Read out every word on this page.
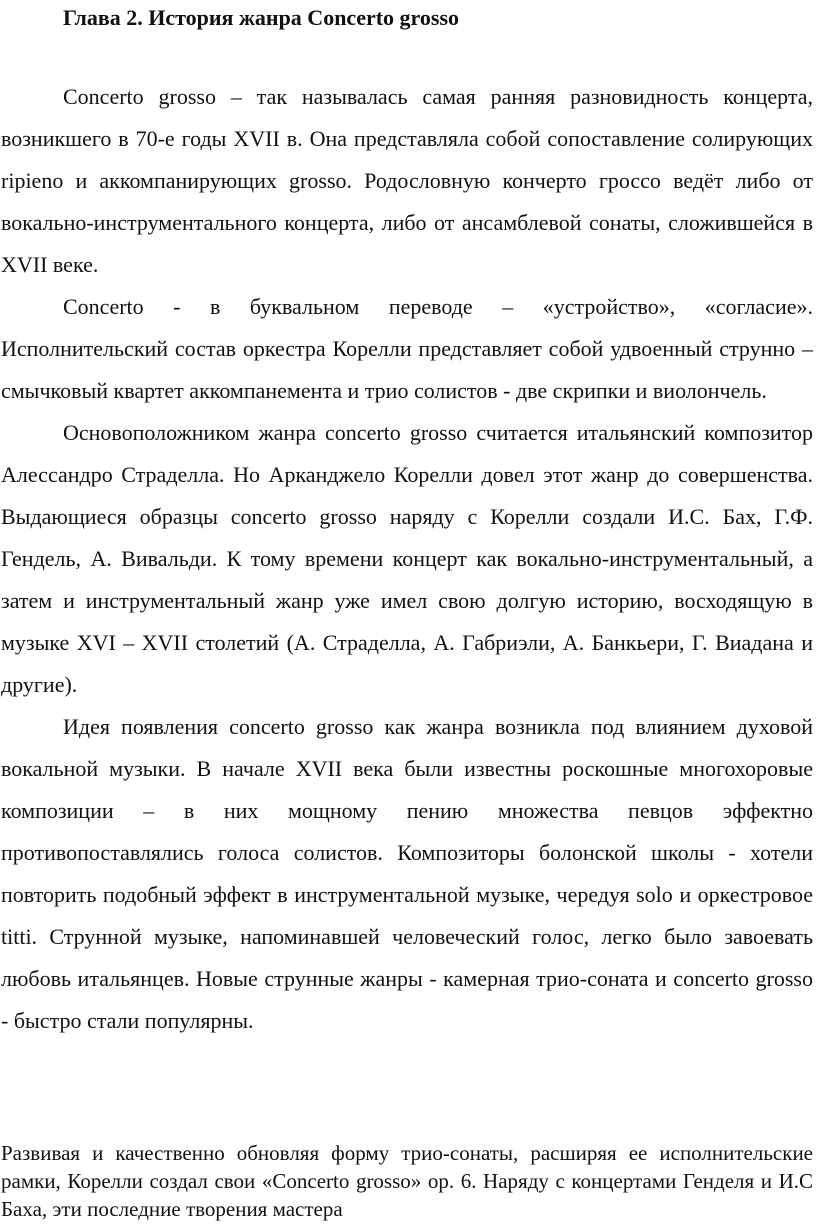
Глава 2. История жанра Concerto grosso

Concerto grosso – так называлась самая ранняя разновидность концерта, возникшего в 70-е годы XVII в. Она представляла собой сопоставление солирующих ripieno и аккомпанирующих grosso. Родословную кончерто гроссо ведёт либо от вокально-инструментального концерта, либо от ансамблевой сонаты, сложившейся в XVII веке.

Concerto - в буквальном переводе – «устройство», «согласие». Исполнительский состав оркестра Корелли представляет собой удвоенный струнно – смычковый квартет аккомпанемента и трио солистов - две скрипки и виолончель.

Основоположником жанра concerto grosso считается итальянский композитор Алессандро Страделла. Но Арканджело Корелли довел этот жанр до совершенства. Выдающиеся образцы concerto grosso наряду с Корелли создали И.С. Бах, Г.Ф. Гендель, А. Вивальди. К тому времени концерт как вокально-инструментальный, а затем и инструментальный жанр уже имел свою долгую историю, восходящую в музыке XVI – XVII столетий (А. Страделла, А. Габриэли, А. Банкьери, Г. Виадана и другие).

Идея появления concerto grosso как жанра возникла под влиянием духовой вокальной музыки. В начале XVII века были известны роскошные многохоровые композиции – в них мощному пению множества певцов эффектно противопоставлялись голоса солистов. Композиторы болонской школы - хотели повторить подобный эффект в инструментальной музыке, чередуя solo и оркестровое titti. Струнной музыке, напоминавшей человеческий голос, легко было завоевать любовь итальянцев. Новые струнные жанры - камерная трио-соната и concerto grosso - быстро стали популярны.

Развивая и качественно обновляя форму трио-сонаты, расширяя ее исполнительские рамки, Корелли создал свои «Concerto grosso» ор. 6. Наряду с концертами Генделя и И.С Баха, эти последние творения мастера
